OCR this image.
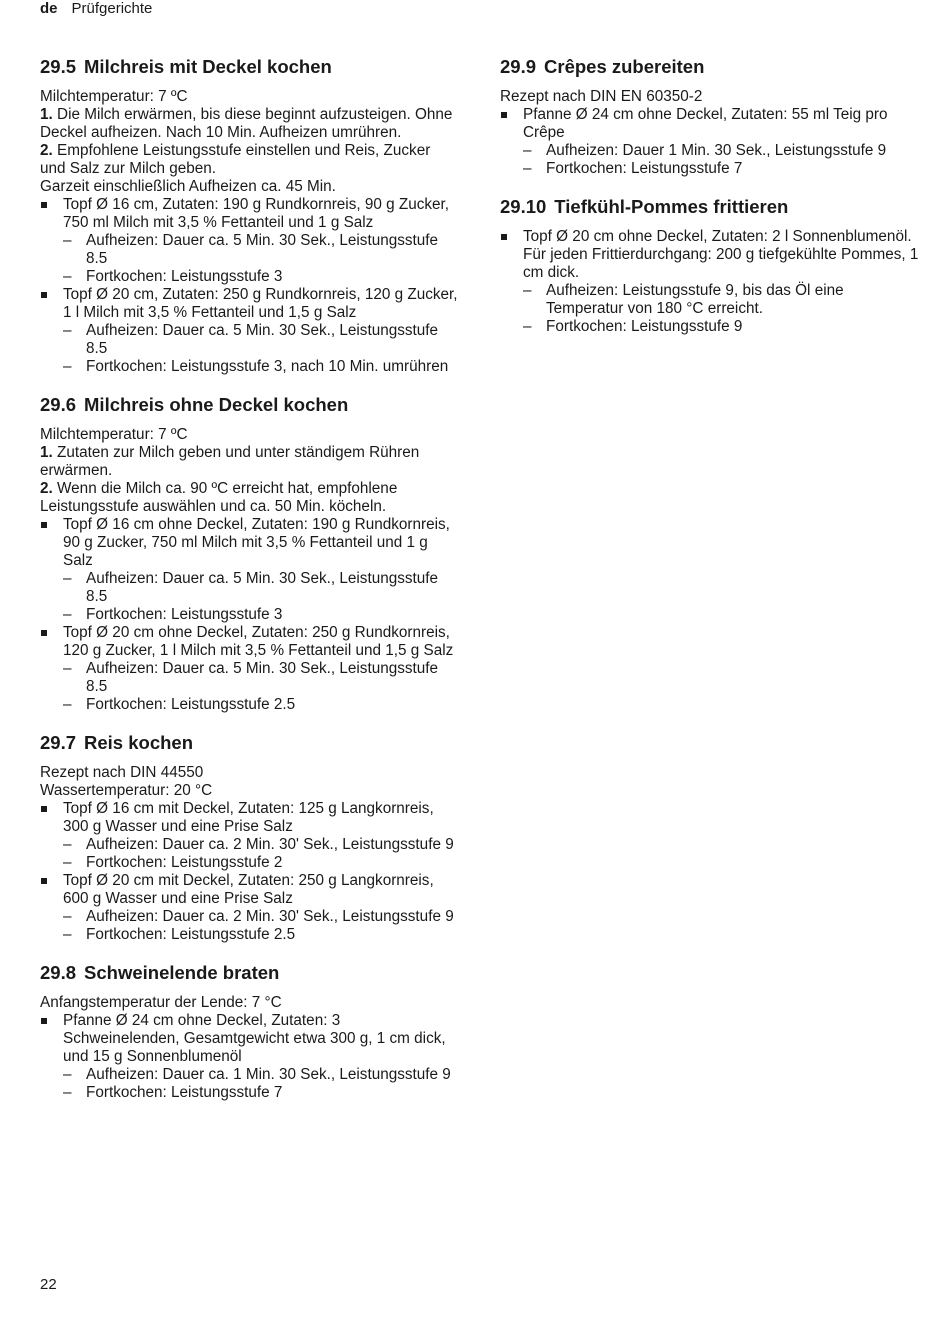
de Prüfgerichte
29.5 Milchreis mit Deckel kochen

Milchtemperatur: 7 ºC

1. Die Milch erwärmen, bis diese beginnt aufzusteigen. Ohne Deckel aufheizen. Nach 10 Min. Aufheizen umrühren.

2. Empfohlene Leistungsstufe einstellen und Reis, Zucker und Salz zur Milch geben.

Garzeit einschließlich Aufheizen ca. 45 Min.

Topf Ø 16 cm, Zutaten: 190 g Rundkornreis, 90 g Zucker, 750 ml Milch mit 3,5 % Fettanteil und 1 g Salz
– Aufheizen: Dauer ca. 5 Min. 30 Sek., Leistungsstufe 8.5
– Fortkochen: Leistungsstufe 3
Topf Ø 20 cm, Zutaten: 250 g Rundkornreis, 120 g Zucker, 1 l Milch mit 3,5 % Fettanteil und 1,5 g Salz
– Aufheizen: Dauer ca. 5 Min. 30 Sek., Leistungsstufe 8.5
– Fortkochen: Leistungsstufe 3, nach 10 Min. umrühren
29.6 Milchreis ohne Deckel kochen

Milchtemperatur: 7 ºC

1. Zutaten zur Milch geben und unter ständigem Rühren erwärmen.

2. Wenn die Milch ca. 90 ºC erreicht hat, empfohlene Leistungsstufe auswählen und ca. 50 Min. köcheln.

Topf Ø 16 cm ohne Deckel, Zutaten: 190 g Rundkornreis, 90 g Zucker, 750 ml Milch mit 3,5 % Fettanteil und 1 g Salz
– Aufheizen: Dauer ca. 5 Min. 30 Sek., Leistungsstufe 8.5
– Fortkochen: Leistungsstufe 3
Topf Ø 20 cm ohne Deckel, Zutaten: 250 g Rundkornreis, 120 g Zucker, 1 l Milch mit 3,5 % Fettanteil und 1,5 g Salz
– Aufheizen: Dauer ca. 5 Min. 30 Sek., Leistungsstufe 8.5
– Fortkochen: Leistungsstufe 2.5
29.7 Reis kochen

Rezept nach DIN 44550

Wassertemperatur: 20 °C

Topf Ø 16 cm mit Deckel, Zutaten: 125 g Langkornreis, 300 g Wasser und eine Prise Salz
– Aufheizen: Dauer ca. 2 Min. 30' Sek., Leistungsstufe 9
– Fortkochen: Leistungsstufe 2
Topf Ø 20 cm mit Deckel, Zutaten: 250 g Langkornreis, 600 g Wasser und eine Prise Salz
– Aufheizen: Dauer ca. 2 Min. 30' Sek., Leistungsstufe 9
– Fortkochen: Leistungsstufe 2.5
29.8 Schweinelende braten

Anfangstemperatur der Lende: 7 °C

Pfanne Ø 24 cm ohne Deckel, Zutaten: 3 Schweinelenden, Gesamtgewicht etwa 300 g, 1 cm dick, und 15 g Sonnenblumenöl
– Aufheizen: Dauer ca. 1 Min. 30 Sek., Leistungsstufe 9
– Fortkochen: Leistungsstufe 7
29.9 Crêpes zubereiten

Rezept nach DIN EN 60350-2

Pfanne Ø 24 cm ohne Deckel, Zutaten: 55 ml Teig pro Crêpe
– Aufheizen: Dauer 1 Min. 30 Sek., Leistungsstufe 9
– Fortkochen: Leistungsstufe 7
29.10 Tiefkühl-Pommes frittieren
Topf Ø 20 cm ohne Deckel, Zutaten: 2 l Sonnenblumenöl. Für jeden Frittierdurchgang: 200 g tiefgekühlte Pommes, 1 cm dick.
– Aufheizen: Leistungsstufe 9, bis das Öl eine Temperatur von 180 °C erreicht.
– Fortkochen: Leistungsstufe 9
22
